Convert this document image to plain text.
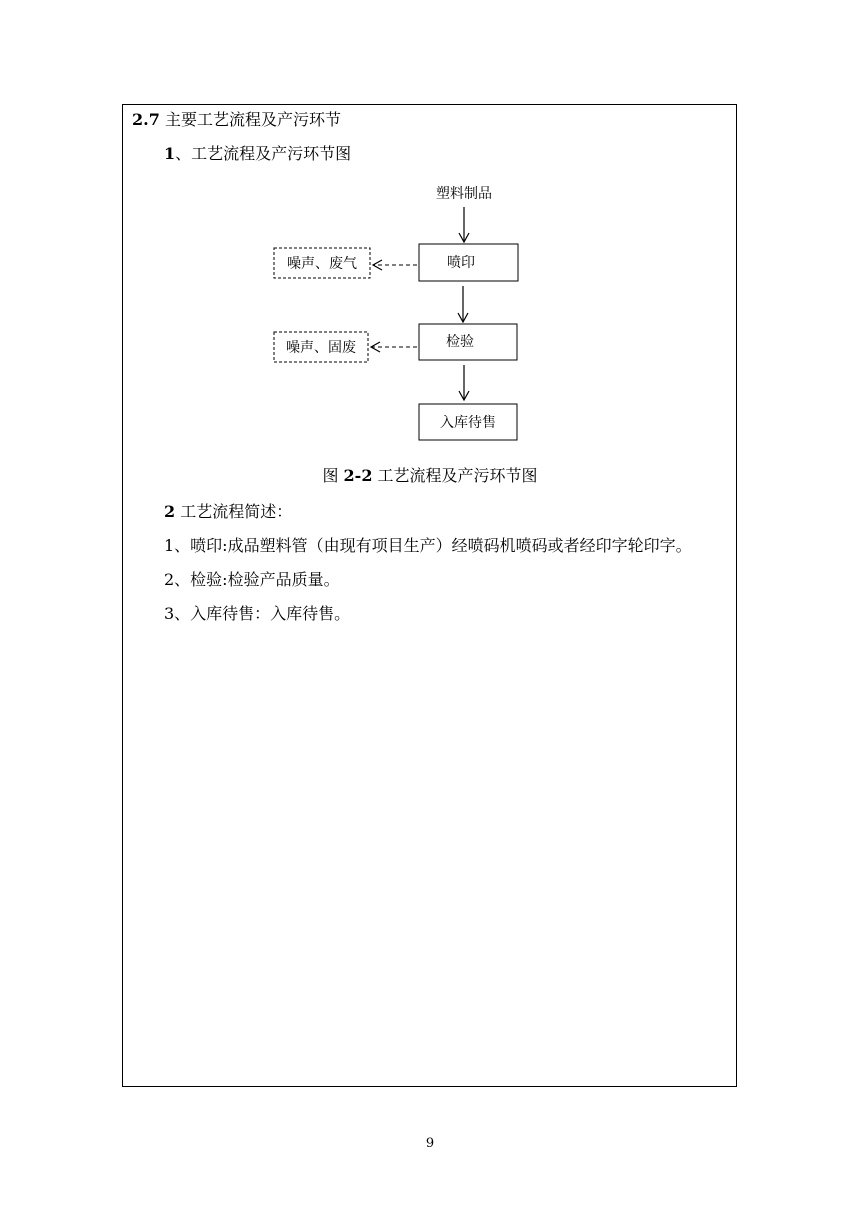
2.7 主要工艺流程及产污环节
1、工艺流程及产污环节图
塑料制品
喷印
噪声、废气
检验
噪声、固废
入库待售
图 2-2 工艺流程及产污环节图
2 工艺流程简述：
1、喷印:成品塑料管（由现有项目生产）经喷码机喷码或者经印字轮印字。
2、检验:检验产品质量。
3、入库待售：入库待售。
9
